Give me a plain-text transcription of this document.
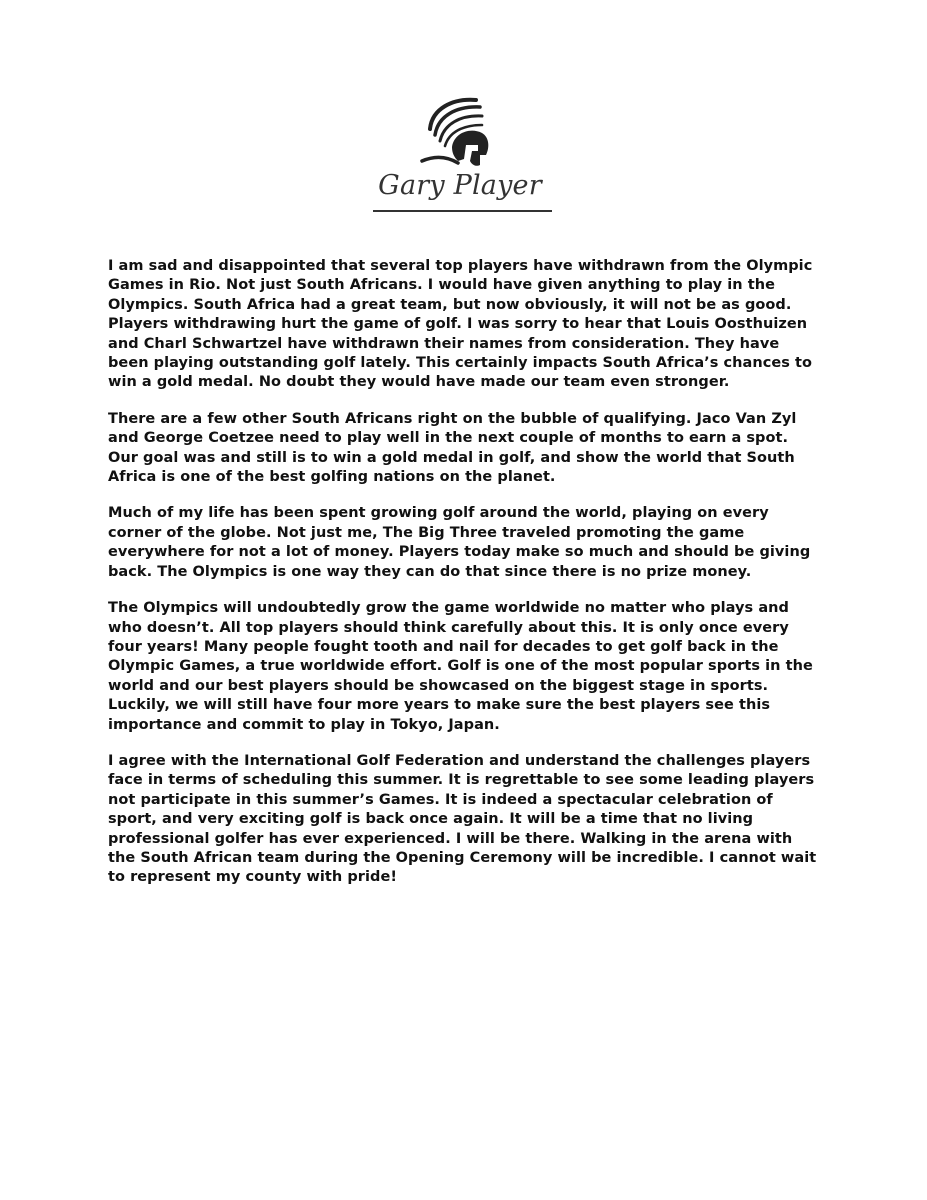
Gary Player

I am sad and disappointed that several top players have withdrawn from the Olympic Games in Rio. Not just South Africans. I would have given anything to play in the Olympics. South Africa had a great team, but now obviously, it will not be as good. Players withdrawing hurt the game of golf. I was sorry to hear that Louis Oosthuizen and Charl Schwartzel have withdrawn their names from consideration. They have been playing outstanding golf lately. This certainly impacts South Africa’s chances to win a gold medal. No doubt they would have made our team even stronger.

There are a few other South Africans right on the bubble of qualifying. Jaco Van Zyl and George Coetzee need to play well in the next couple of months to earn a spot. Our goal was and still is to win a gold medal in golf, and show the world that South Africa is one of the best golfing nations on the planet.

Much of my life has been spent growing golf around the world, playing on every corner of the globe. Not just me, The Big Three traveled promoting the game everywhere for not a lot of money. Players today make so much and should be giving back. The Olympics is one way they can do that since there is no prize money.

The Olympics will undoubtedly grow the game worldwide no matter who plays and who doesn’t. All top players should think carefully about this. It is only once every four years! Many people fought tooth and nail for decades to get golf back in the Olympic Games, a true worldwide effort. Golf is one of the most popular sports in the world and our best players should be showcased on the biggest stage in sports. Luckily, we will still have four more years to make sure the best players see this importance and commit to play in Tokyo, Japan.

I agree with the International Golf Federation and understand the challenges players face in terms of scheduling this summer. It is regrettable to see some leading players not participate in this summer’s Games. It is indeed a spectacular celebration of sport, and very exciting golf is back once again. It will be a time that no living professional golfer has ever experienced. I will be there. Walking in the arena with the South African team during the Opening Ceremony will be incredible. I cannot wait to represent my county with pride!
